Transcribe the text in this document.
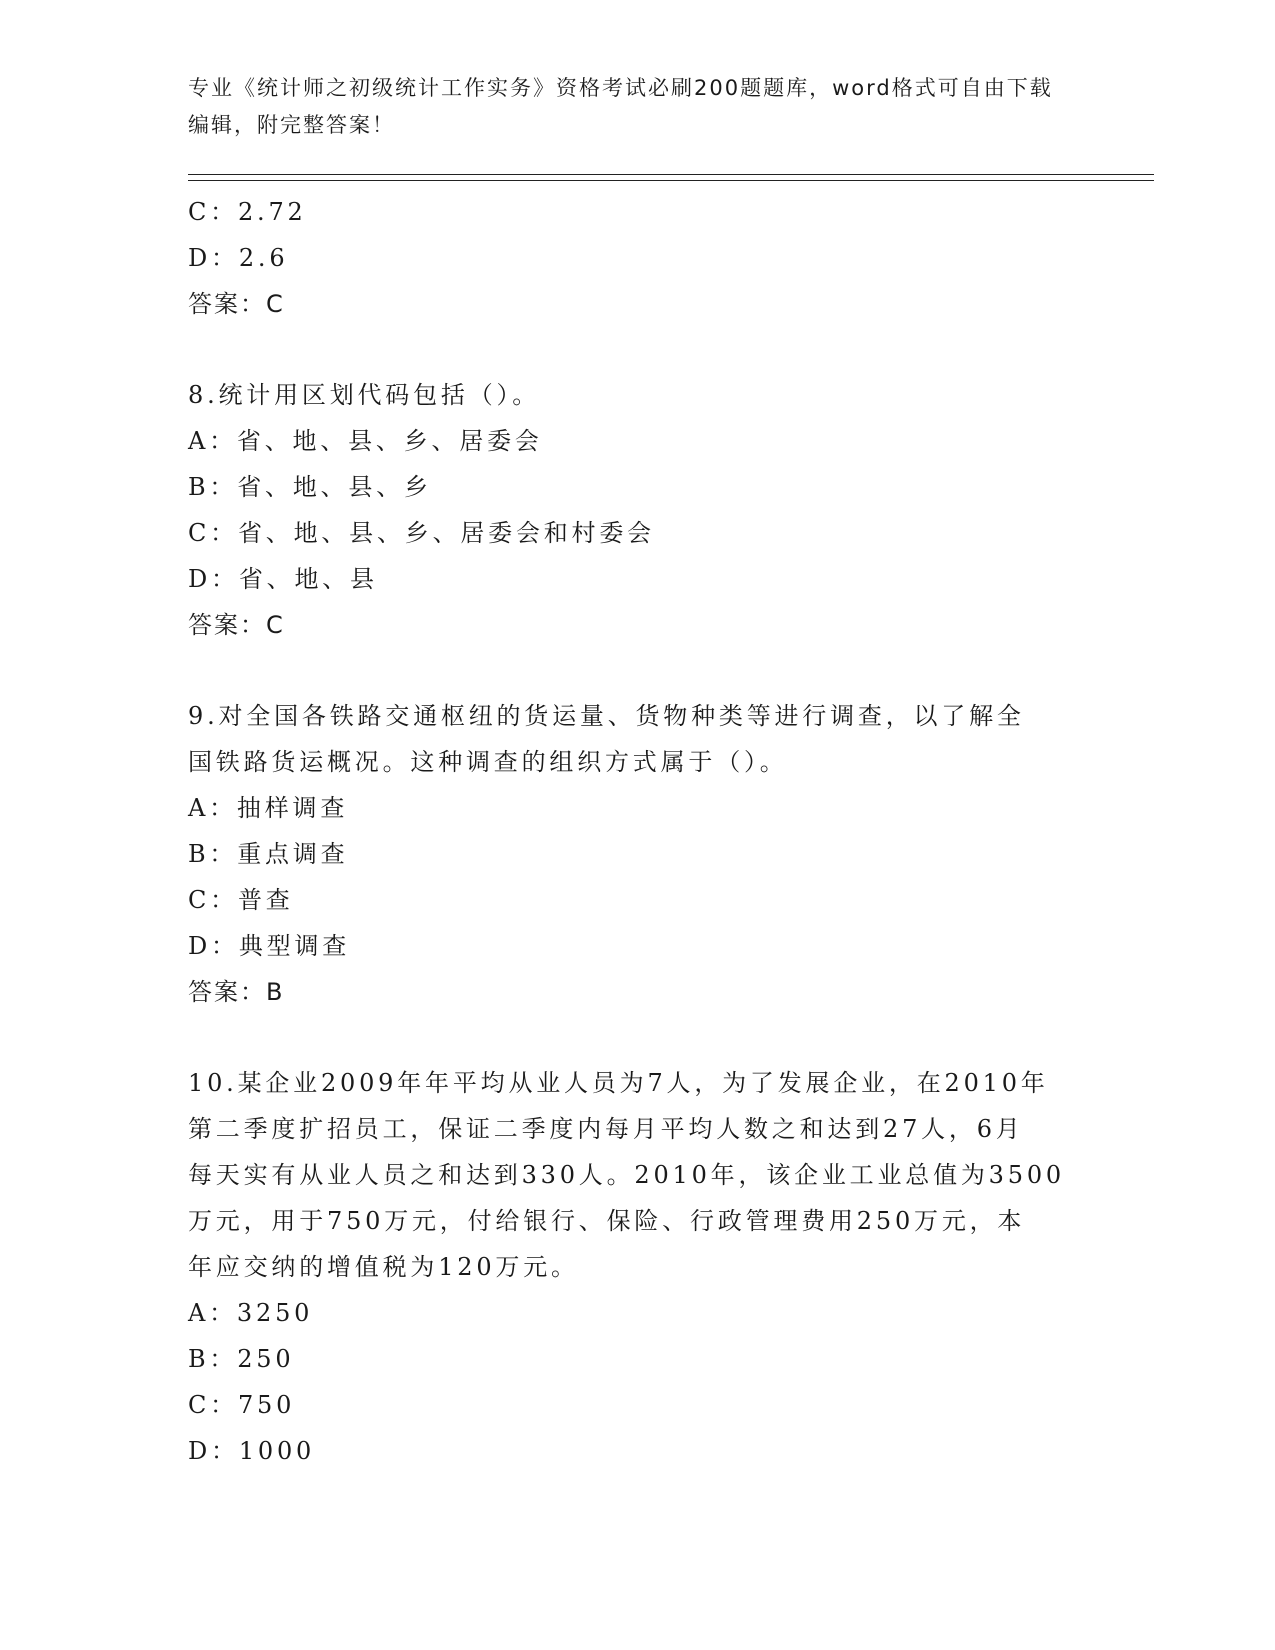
专业《统计师之初级统计工作实务》资格考试必刷200题题库，word格式可自由下载编辑，附完整答案！
C：2.72
D：2.6
答案：C
8.统计用区划代码包括（）。
A：省、地、县、乡、居委会
B：省、地、县、乡
C：省、地、县、乡、居委会和村委会
D：省、地、县
答案：C
9.对全国各铁路交通枢纽的货运量、货物种类等进行调查，以了解全
国铁路货运概况。这种调查的组织方式属于（）。
A：抽样调查
B：重点调查
C：普查
D：典型调查
答案：B
10.某企业2009年年平均从业人员为7人，为了发展企业，在2010年
第二季度扩招员工，保证二季度内每月平均人数之和达到27人，6月
每天实有从业人员之和达到330人。2010年，该企业工业总值为3500
万元，用于750万元，付给银行、保险、行政管理费用250万元，本
年应交纳的增值税为120万元。
A：3250
B：250
C：750
D：1000
